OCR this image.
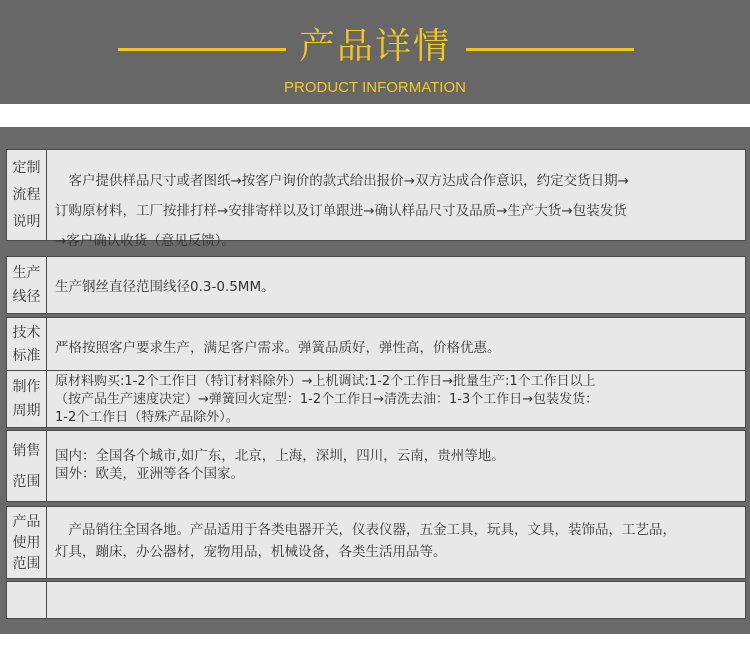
产品详情
PRODUCT INFORMATION
定制
流程
说明

　客户提供样品尺寸或者图纸→按客户询价的款式给出报价→双方达成合作意识，约定交货日期→

订购原材料，工厂按排打样→安排寄样以及订单跟进→确认样品尺寸及品质→生产大货→包装发货

→客户确认收货（意见反馈）。

生产
线径

生产钢丝直径范围线径0.3-0.5MM。

技术
标准 严格按照客户要求生产，满足客户需求。弹簧品质好，弹性高，价格优惠。

制作
周期

原材料购买:1-2个工作日（特订材料除外）→上机调试:1-2个工作日→批量生产:1个工作日以上

（按产品生产速度决定）→弹簧回火定型：1-2个工作日→清洗去油：1-3个工作日→包装发货：

1-2个工作日（特殊产品除外）。

销售
范围

国内：全国各个城市,如广东，北京，上海，深圳，四川，云南，贵州等地。

国外：欧美，亚洲等各个国家。

产品
使用
范围

　产品销往全国各地。产品适用于各类电器开关，仪表仪器，五金工具，玩具，文具，装饰品，工艺品，

灯具，蹦床，办公器材，宠物用品，机械设备，各类生活用品等。
